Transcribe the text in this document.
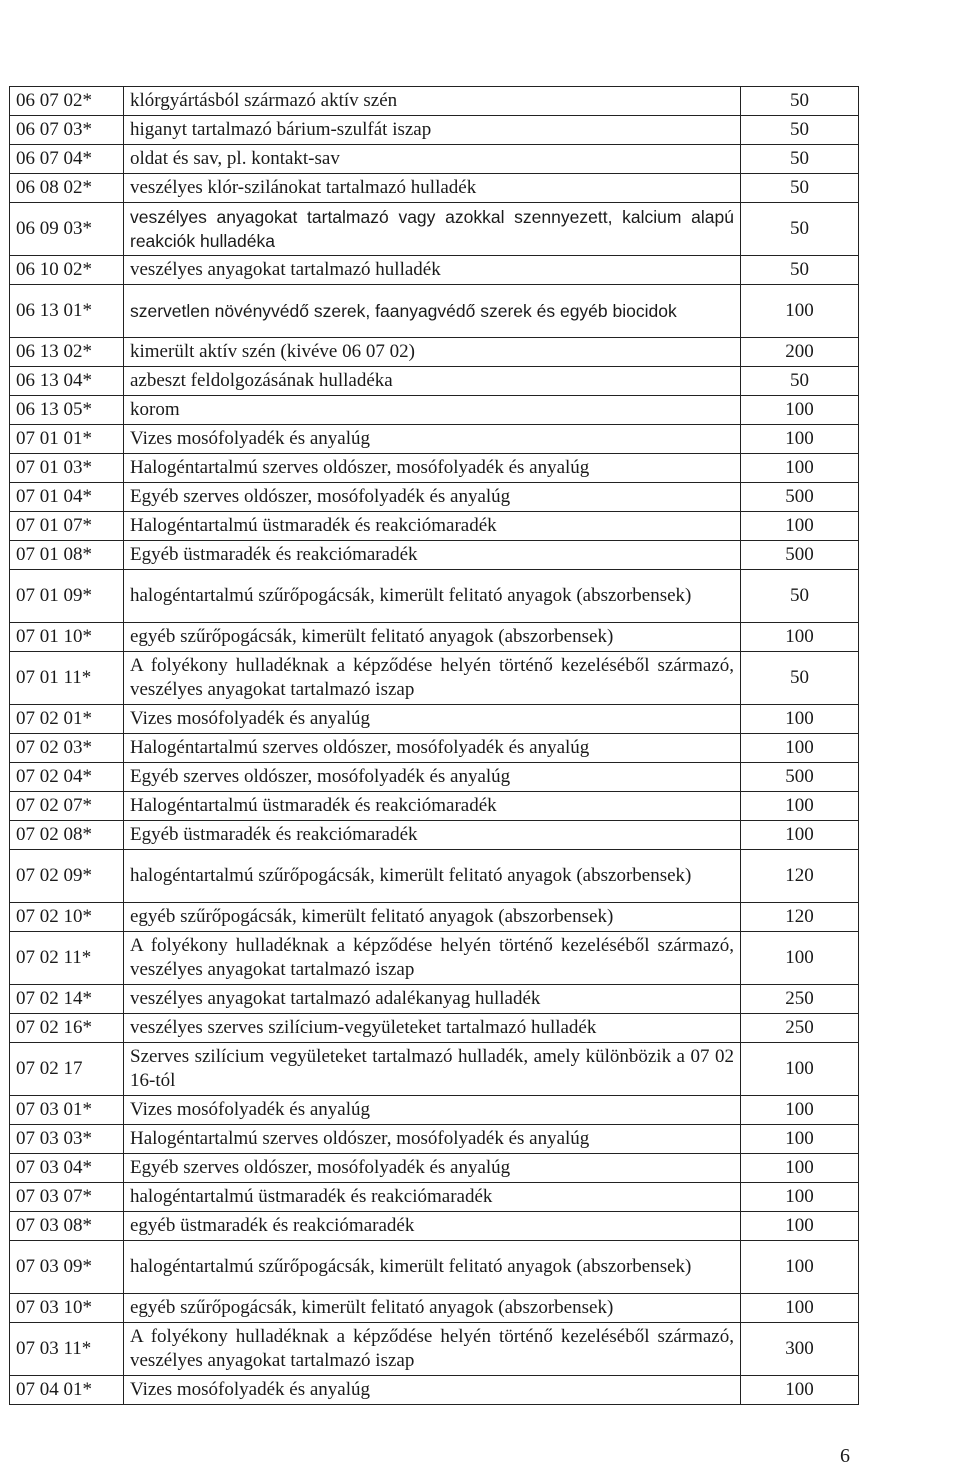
06 07 02*	klórgyártásból származó aktív szén	50
06 07 03*	higanyt tartalmazó bárium-szulfát iszap	50
06 07 04*	oldat és sav, pl. kontakt-sav	50
06 08 02*	veszélyes klór-szilánokat tartalmazó hulladék	50
06 09 03*	veszélyes anyagokat tartalmazó vagy azokkal szennyezett, kalcium alapú reakciók hulladéka	50
06 10 02*	veszélyes anyagokat tartalmazó hulladék	50
06 13 01*	szervetlen növényvédő szerek, faanyagvédő szerek és egyéb biocidok	100
06 13 02*	kimerült aktív szén (kivéve 06 07 02)	200
06 13 04*	azbeszt feldolgozásának hulladéka	50
06 13 05*	korom	100
07 01 01*	Vizes mosófolyadék és anyalúg	100
07 01 03*	Halogéntartalmú szerves oldószer, mosófolyadék és anyalúg	100
07 01 04*	Egyéb szerves oldószer, mosófolyadék és anyalúg	500
07 01 07*	Halogéntartalmú üstmaradék és reakciómaradék	100
07 01 08*	Egyéb üstmaradék és reakciómaradék	500
07 01 09*	halogéntartalmú szűrőpogácsák, kimerült felitató anyagok (abszorbensek)	50
07 01 10*	egyéb szűrőpogácsák, kimerült felitató anyagok (abszorbensek)	100
07 01 11*	A folyékony hulladéknak a képződése helyén történő kezeléséből származó, veszélyes anyagokat tartalmazó iszap	50
07 02 01*	Vizes mosófolyadék és anyalúg	100
07 02 03*	Halogéntartalmú szerves oldószer, mosófolyadék és anyalúg	100
07 02 04*	Egyéb szerves oldószer, mosófolyadék és anyalúg	500
07 02 07*	Halogéntartalmú üstmaradék és reakciómaradék	100
07 02 08*	Egyéb üstmaradék és reakciómaradék	100
07 02 09*	halogéntartalmú szűrőpogácsák, kimerült felitató anyagok (abszorbensek)	120
07 02 10*	egyéb szűrőpogácsák, kimerült felitató anyagok (abszorbensek)	120
07 02 11*	A folyékony hulladéknak a képződése helyén történő kezeléséből származó, veszélyes anyagokat tartalmazó iszap	100
07 02 14*	veszélyes anyagokat tartalmazó adalékanyag hulladék	250
07 02 16*	veszélyes szerves szilícium-vegyületeket tartalmazó hulladék	250
07 02 17	Szerves szilícium vegyületeket tartalmazó hulladék, amely különbözik a 07 02 16-tól	100
07 03 01*	Vizes mosófolyadék és anyalúg	100
07 03 03*	Halogéntartalmú szerves oldószer, mosófolyadék és anyalúg	100
07 03 04*	Egyéb szerves oldószer, mosófolyadék és anyalúg	100
07 03 07*	halogéntartalmú üstmaradék és reakciómaradék	100
07 03 08*	egyéb üstmaradék és reakciómaradék	100
07 03 09*	halogéntartalmú szűrőpogácsák, kimerült felitató anyagok (abszorbensek)	100
07 03 10*	egyéb szűrőpogácsák, kimerült felitató anyagok (abszorbensek)	100
07 03 11*	A folyékony hulladéknak a képződése helyén történő kezeléséből származó, veszélyes anyagokat tartalmazó iszap	300
07 04 01*	Vizes mosófolyadék és anyalúg	100
6
